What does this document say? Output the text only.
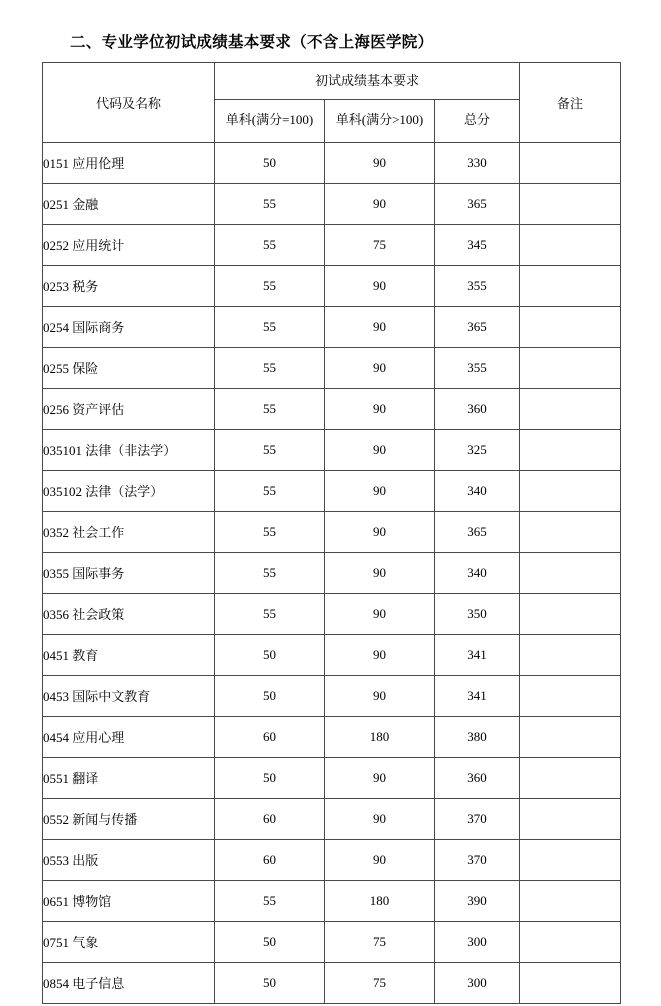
二、专业学位初试成绩基本要求（不含上海医学院）
代码及名称	初试成绩基本要求			备注
	单科(满分=100)	单科(满分>100)	总分	
0151 应用伦理	50	90	330	
0251 金融	55	90	365	
0252 应用统计	55	75	345	
0253 税务	55	90	355	
0254 国际商务	55	90	365	
0255 保险	55	90	355	
0256 资产评估	55	90	360	
035101 法律（非法学）	55	90	325	
035102 法律（法学）	55	90	340	
0352 社会工作	55	90	365	
0355 国际事务	55	90	340	
0356 社会政策	55	90	350	
0451 教育	50	90	341	
0453 国际中文教育	50	90	341	
0454 应用心理	60	180	380	
0551 翻译	50	90	360	
0552 新闻与传播	60	90	370	
0553 出版	60	90	370	
0651 博物馆	55	180	390	
0751 气象	50	75	300	
0854 电子信息	50	75	300	
